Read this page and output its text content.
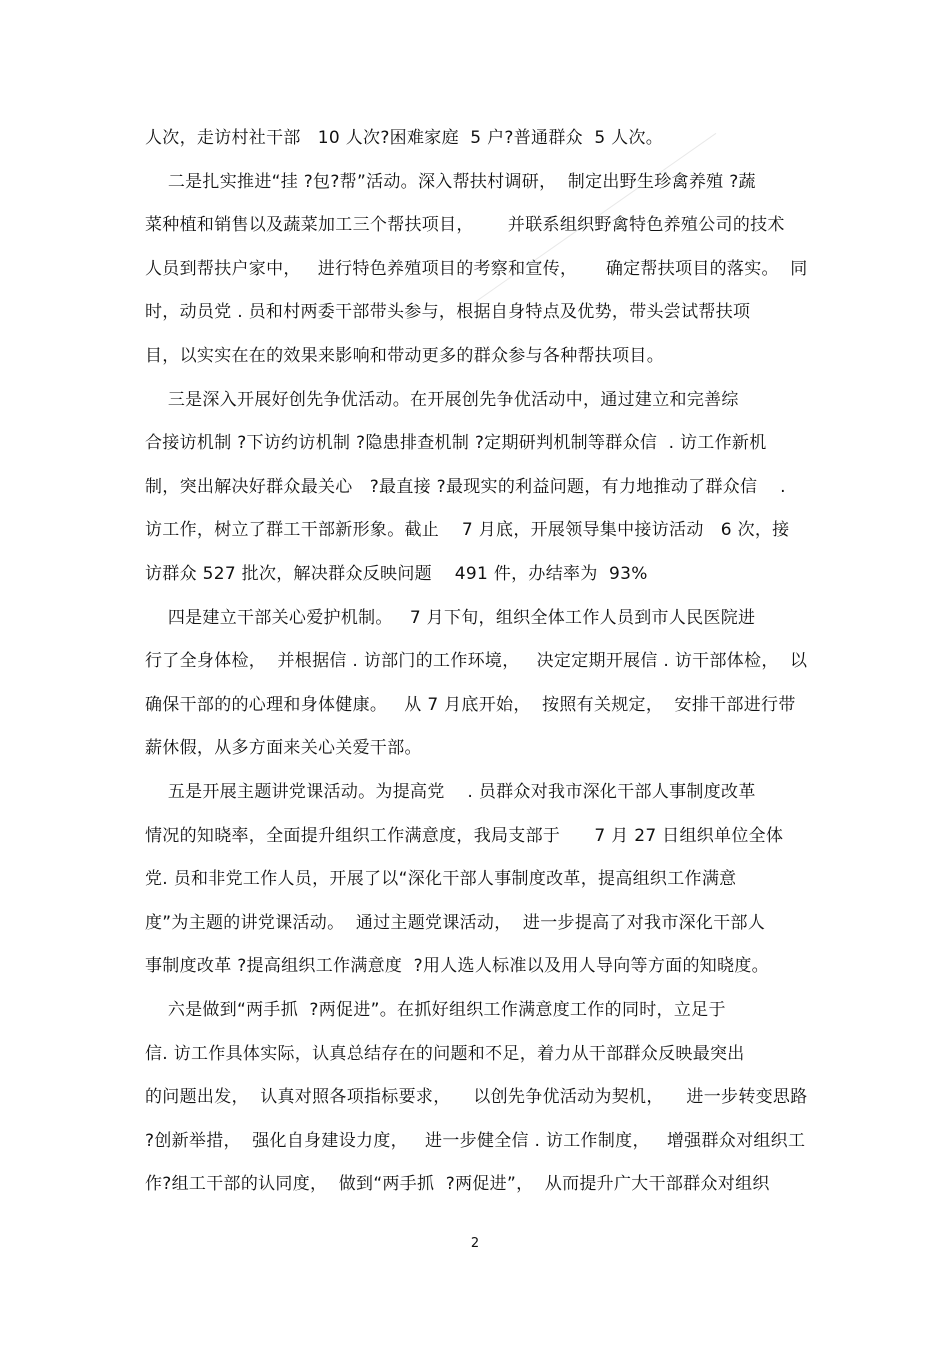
人次，走访村社干部   10 人次?困难家庭  5 户?普通群众  5 人次。
二是扎实推进“挂 ?包?帮”活动。深入帮扶村调研，  制定出野生珍禽养殖 ?蔬
菜种植和销售以及蔬菜加工三个帮扶项目，      并联系组织野禽特色养殖公司的技术
人员到帮扶户家中，   进行特色养殖项目的考察和宣传，     确定帮扶项目的落实。  同
时，动员党 . 员和村两委干部带头参与，根据自身特点及优势，带头尝试帮扶项
目，以实实在在的效果来影响和带动更多的群众参与各种帮扶项目。
三是深入开展好创先争优活动。在开展创先争优活动中，通过建立和完善综
合接访机制 ?下访约访机制 ?隐患排查机制 ?定期研判机制等群众信  . 访工作新机
制，突出解决好群众最关心   ?最直接 ?最现实的利益问题，有力地推动了群众信    .
访工作，树立了群工干部新形象。截止    7 月底，开展领导集中接访活动   6 次，接
访群众 527 批次，解决群众反映问题    491 件，办结率为  93%
四是建立干部关心爱护机制。   7 月下旬，组织全体工作人员到市人民医院进
行了全身体检，  并根据信 . 访部门的工作环境，   决定定期开展信 . 访干部体检，  以
确保干部的的心理和身体健康。   从 7 月底开始，  按照有关规定，  安排干部进行带
薪休假，从多方面来关心关爱干部。
五是开展主题讲党课活动。为提高党    . 员群众对我市深化干部人事制度改革
情况的知晓率，全面提升组织工作满意度，我局支部于      7 月 27 日组织单位全体
党. 员和非党工作人员，开展了以“深化干部人事制度改革，提高组织工作满意
度”为主题的讲党课活动。  通过主题党课活动，  进一步提高了对我市深化干部人
事制度改革 ?提高组织工作满意度  ?用人选人标准以及用人导向等方面的知晓度。
六是做到“两手抓  ?两促进”。在抓好组织工作满意度工作的同时，立足于
信. 访工作具体实际，认真总结存在的问题和不足，着力从干部群众反映最突出
的问题出发，  认真对照各项指标要求，    以创先争优活动为契机，    进一步转变思路
?创新举措，  强化自身建设力度，   进一步健全信 . 访工作制度，   增强群众对组织工
作?组工干部的认同度，  做到“两手抓  ?两促进”，  从而提升广大干部群众对组织
2
